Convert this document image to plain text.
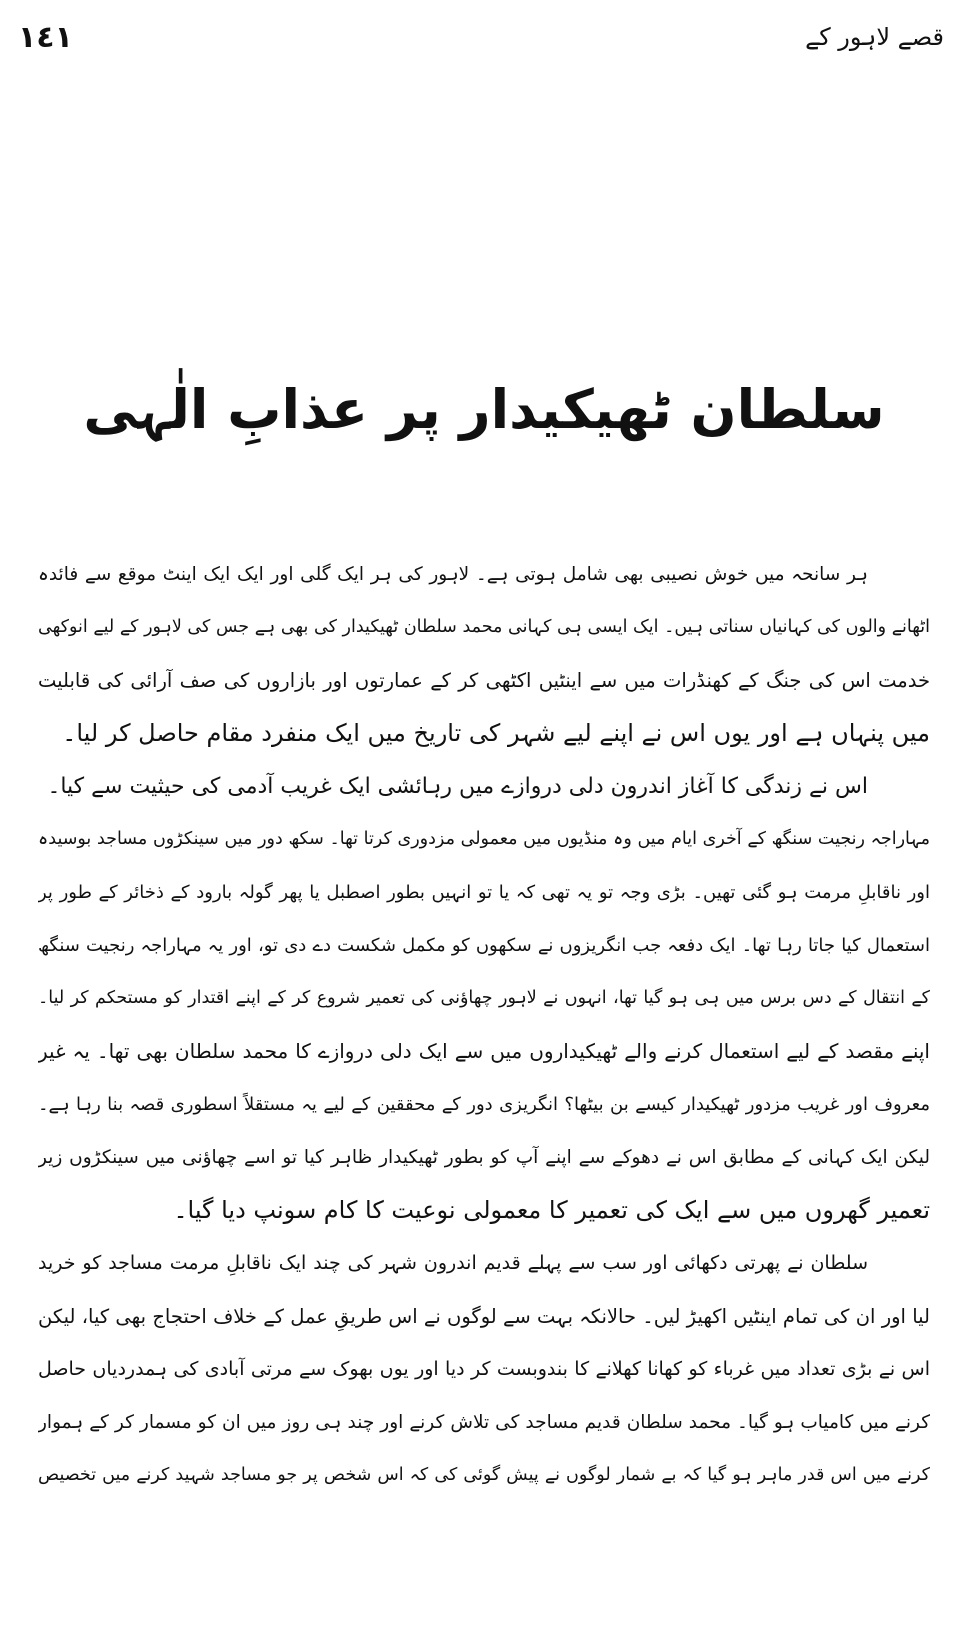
١٤١	قصے لاہور کے
سلطان ٹھیکیدار پر عذابِ الٰہی
ہر سانحہ میں خوش نصیبی بھی شامل ہوتی ہے۔ لاہور کی ہر ایک گلی اور ایک ایک اینٹ موقع سے فائدہ
اٹھانے والوں کی کہانیاں سناتی ہیں۔ ایک ایسی ہی کہانی محمد سلطان ٹھیکیدار کی بھی ہے جس کی لاہور کے لیے انوکھی
خدمت اس کی جنگ کے کھنڈرات میں سے اینٹیں اکٹھی کر کے عمارتوں اور بازاروں کی صف آرائی کی قابلیت
میں پنہاں ہے اور یوں اس نے اپنے لیے شہر کی تاریخ میں ایک منفرد مقام حاصل کر لیا۔
اس نے زندگی کا آغاز اندرون دلی دروازے میں رہائشی ایک غریب آدمی کی حیثیت سے کیا۔
مہاراجہ رنجیت سنگھ کے آخری ایام میں وہ منڈیوں میں معمولی مزدوری کرتا تھا۔ سکھ دور میں سینکڑوں مساجد بوسیدہ
اور ناقابلِ مرمت ہو گئی تھیں۔ بڑی وجہ تو یہ تھی کہ یا تو انہیں بطور اصطبل یا پھر گولہ بارود کے ذخائر کے طور پر
استعمال کیا جاتا رہا تھا۔ ایک دفعہ جب انگریزوں نے سکھوں کو مکمل شکست دے دی تو، اور یہ مہاراجہ رنجیت سنگھ
کے انتقال کے دس برس میں ہی ہو گیا تھا، انہوں نے لاہور چھاؤنی کی تعمیر شروع کر کے اپنے اقتدار کو مستحکم کر لیا۔
اپنے مقصد کے لیے استعمال کرنے والے ٹھیکیداروں میں سے ایک دلی دروازے کا محمد سلطان بھی تھا۔ یہ غیر
معروف اور غریب مزدور ٹھیکیدار کیسے بن بیٹھا؟ انگریزی دور کے محققین کے لیے یہ مستقلاً اسطوری قصہ بنا رہا ہے۔
لیکن ایک کہانی کے مطابق اس نے دھوکے سے اپنے آپ کو بطور ٹھیکیدار ظاہر کیا تو اسے چھاؤنی میں سینکڑوں زیر
تعمیر گھروں میں سے ایک کی تعمیر کا معمولی نوعیت کا کام سونپ دیا گیا۔
سلطان نے پھرتی دکھائی اور سب سے پہلے قدیم اندرون شہر کی چند ایک ناقابلِ مرمت مساجد کو خرید
لیا اور ان کی تمام اینٹیں اکھیڑ لیں۔ حالانکہ بہت سے لوگوں نے اس طریقِ عمل کے خلاف احتجاج بھی کیا، لیکن
اس نے بڑی تعداد میں غرباء کو کھانا کھلانے کا بندوبست کر دیا اور یوں بھوک سے مرتی آبادی کی ہمدردیاں حاصل
کرنے میں کامیاب ہو گیا۔ محمد سلطان قدیم مساجد کی تلاش کرنے اور چند ہی روز میں ان کو مسمار کر کے ہموار
کرنے میں اس قدر ماہر ہو گیا کہ بے شمار لوگوں نے پیش گوئی کی کہ اس شخص پر جو مساجد شہید کرنے میں تخصیص
